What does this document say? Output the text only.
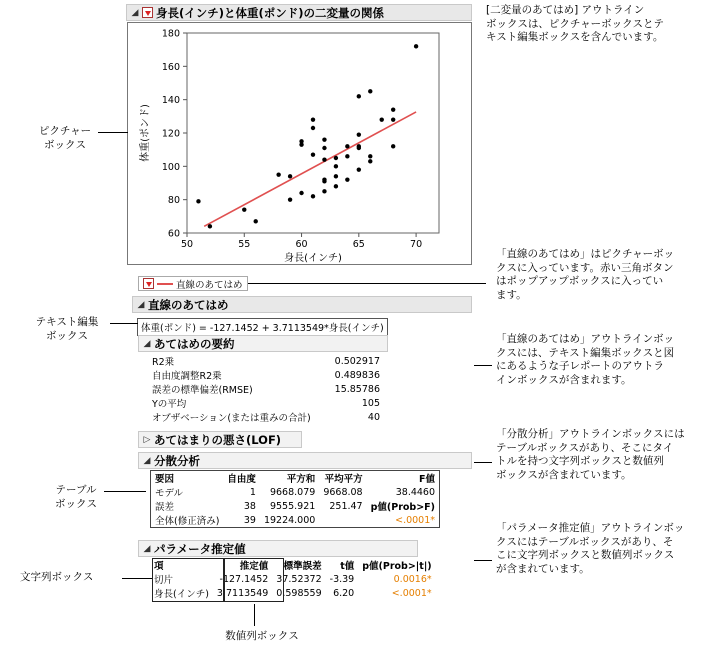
◢ 身長(インチ)と体重(ポンド)の二変量の関係
50	55	60	65	70
60
80
100
120
140
160
180
身長(インチ)
体重(ポンド)
直線のあてはめ
◢ 直線のあてはめ
体重(ポンド) = -127.1452 + 3.7113549*身長(インチ)
◢ あてはめの要約
R2乗	0.502917
自由度調整R2乗	0.489836
誤差の標準偏差(RMSE)	15.85786
Yの平均	105
オブザベーション(または重みの合計)	40
▷ あてはまりの悪さ(LOF)
◢ 分散分析
要因	自由度	平方和	平均平方	F値
モデル	1	9668.079	9668.08	38.4460
誤差	38	9555.921	251.47	p値(Prob>F)
全体(修正済み)	39	19224.000		<.0001*
◢ パラメータ推定値
項	推定値	標準誤差	t値	p値(Prob>|t|)
切片	-127.1452	37.52372	-3.39	0.0016*
身長(インチ)	3.7113549	0.598559	6.20	<.0001*
[二変量のあてはめ] アウトライン
ボックスは、ピクチャーボックスとテ
キスト編集ボックスを含んでいます。
ピクチャー
ボックス
「直線のあてはめ」はピクチャーボッ
クスに入っています。赤い三角ボタン
はポップアップボックスに入ってい
ます。
テキスト編集
ボックス	「直線のあてはめ」アウトラインボッ
クスには、テキスト編集ボックスと図
にあるような子レポートのアウトラ
インボックスが含まれます。
「分散分析」アウトラインボックスには
テーブルボックスがあり、そこにタイ
トルを持つ文字列ボックスと数値列
ボックスが含まれています。
テーブル
ボックス
「パラメータ推定値」アウトラインボッ
クスにはテーブルボックスがあり、そ
こに文字列ボックスと数値列ボックス
が含まれています。
文字列ボックス
数値列ボックス
